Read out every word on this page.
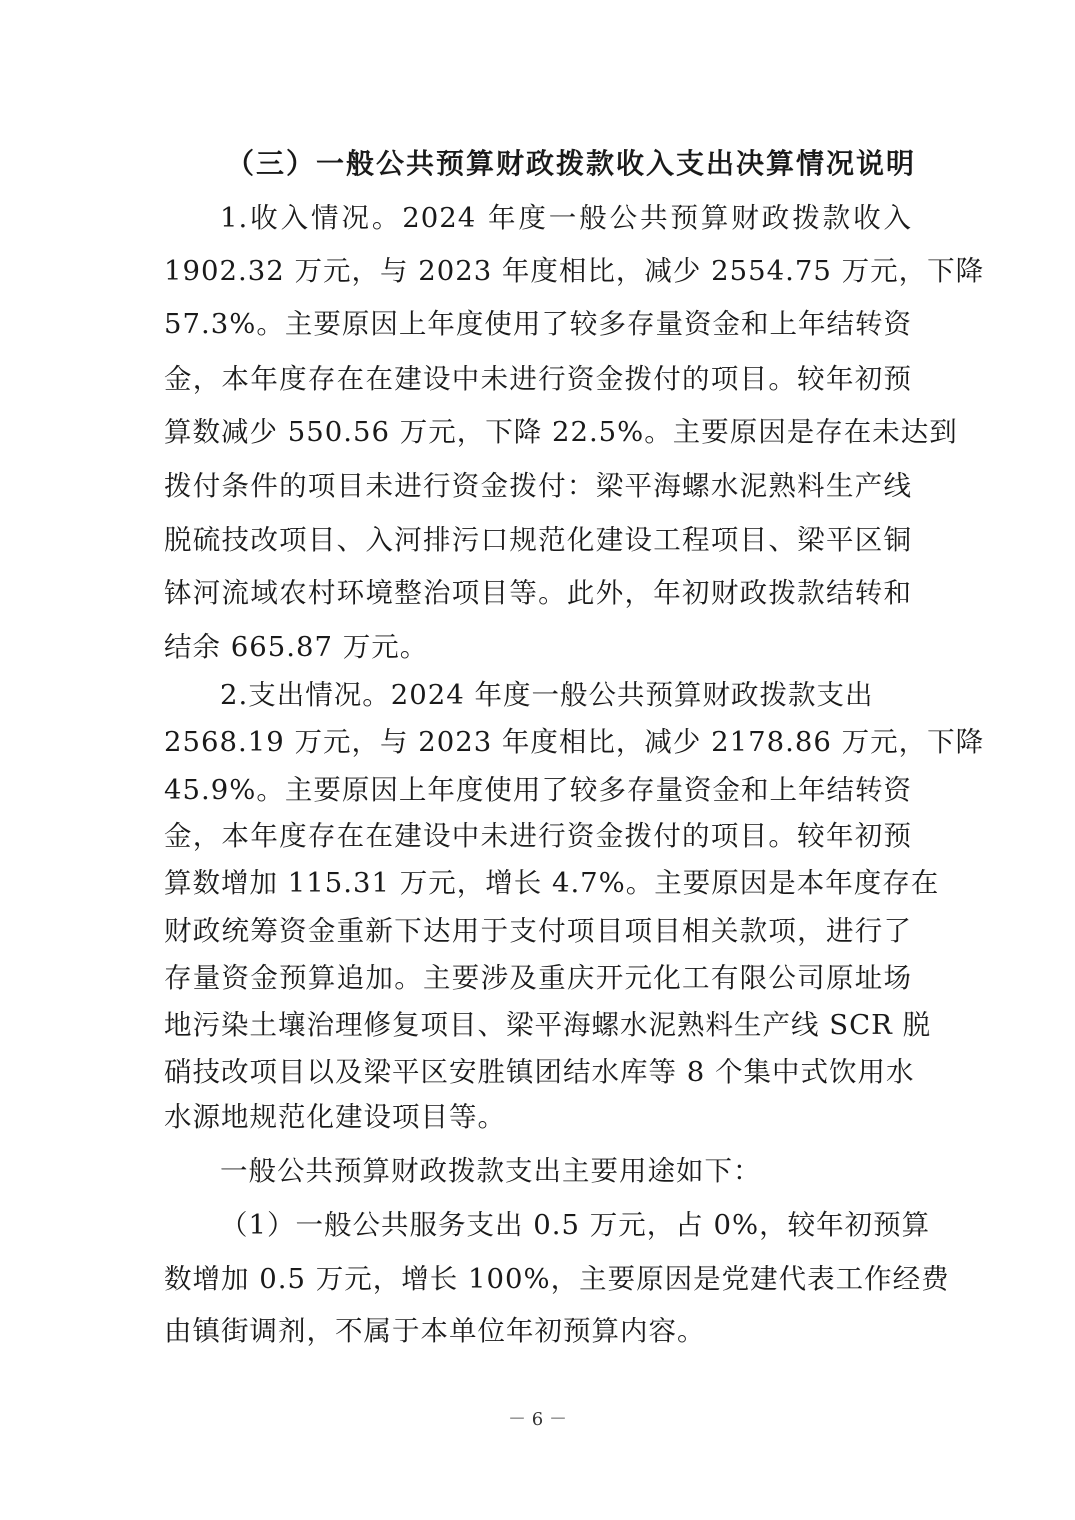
（三）一般公共预算财政拨款收入支出决算情况说明
1.收入情况。2024 年度一般公共预算财政拨款收入
1902.32 万元，与 2023 年度相比，减少 2554.75 万元，下降
57.3%。主要原因上年度使用了较多存量资金和上年结转资
金，本年度存在在建设中未进行资金拨付的项目。较年初预
算数减少 550.56 万元，下降 22.5%。主要原因是存在未达到
拨付条件的项目未进行资金拨付：梁平海螺水泥熟料生产线
脱硫技改项目、入河排污口规范化建设工程项目、梁平区铜
钵河流域农村环境整治项目等。此外，年初财政拨款结转和
结余 665.87 万元。
2.支出情况。2024 年度一般公共预算财政拨款支出
2568.19 万元，与 2023 年度相比，减少 2178.86 万元，下降
45.9%。主要原因上年度使用了较多存量资金和上年结转资
金，本年度存在在建设中未进行资金拨付的项目。较年初预
算数增加 115.31 万元，增长 4.7%。主要原因是本年度存在
财政统筹资金重新下达用于支付项目项目相关款项，进行了
存量资金预算追加。主要涉及重庆开元化工有限公司原址场
地污染土壤治理修复项目、梁平海螺水泥熟料生产线 SCR 脱
硝技改项目以及梁平区安胜镇团结水库等 8 个集中式饮用水
水源地规范化建设项目等。
一般公共预算财政拨款支出主要用途如下：
（1）一般公共服务支出 0.5 万元，占 0%，较年初预算
数增加 0.5 万元，增长 100%，主要原因是党建代表工作经费
由镇街调剂，不属于本单位年初预算内容。
－ 6 －
